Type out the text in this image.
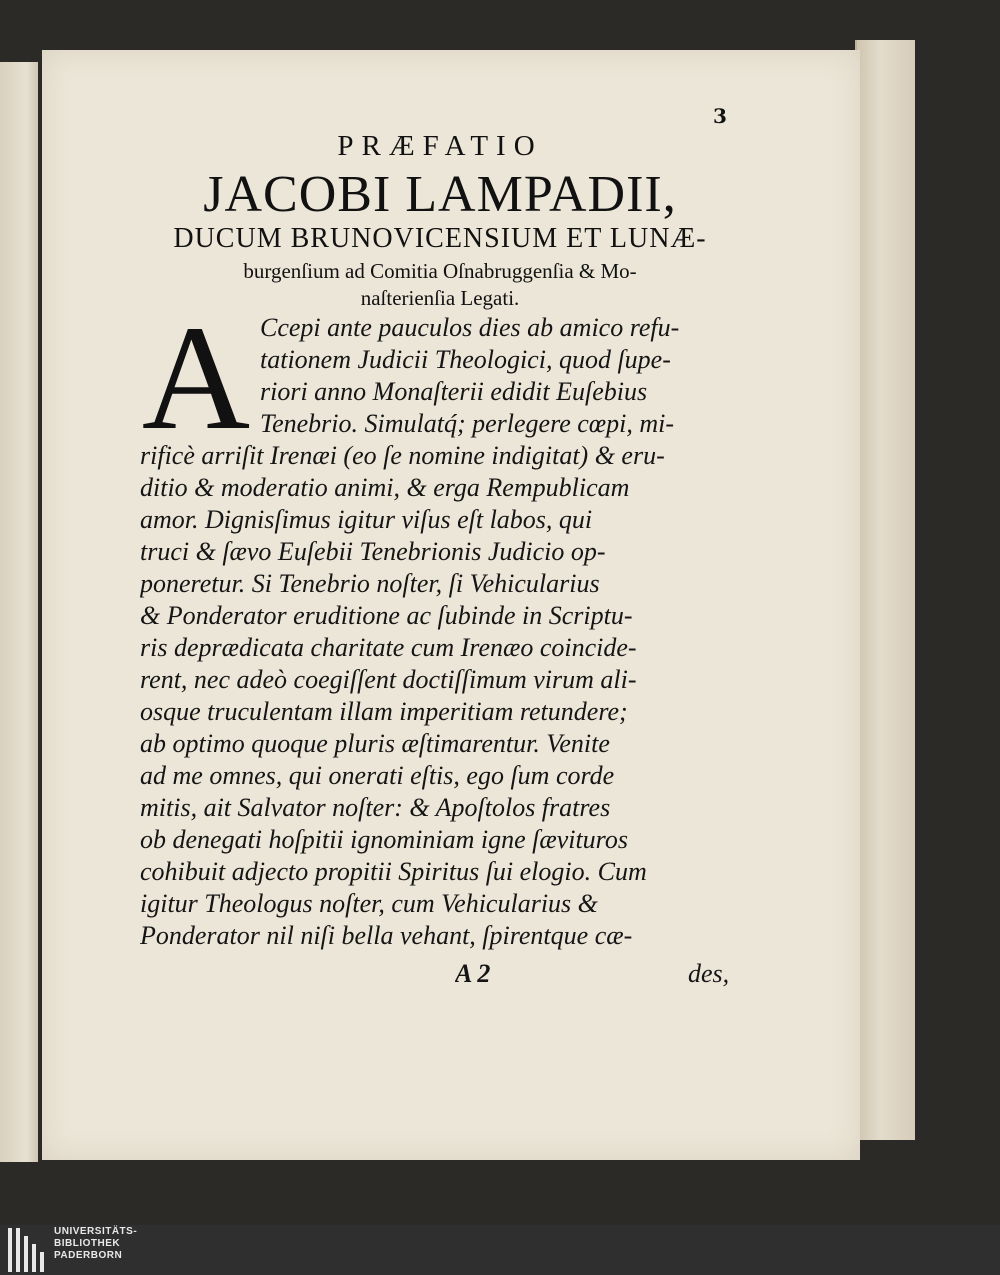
3
PRÆFATIO
JACOBI LAMPADII,
DUCUM BRUNOVICENSIUM ET LUNÆ-
burgenſium ad Comitia Oſnabruggenſia & Mo-
naſterienſia Legati.
A Ccepi ante pauculos dies ab amico refu-
tationem Judicii Theologici, quod ſupe-
riori anno Monaſterii edidit Euſebius
Tenebrio. Simulatq́; perlegere cœpi, mi-
rificè arriſit Irenæi (eo ſe nomine indigitat) & eru-
ditio & moderatio animi, & erga Rempublicam
amor. Dignisſimus igitur viſus eſt labos, qui
truci & ſævo Euſebii Tenebrionis Judicio op-
poneretur. Si Tenebrio noſter, ſi Vehicularius
& Ponderator eruditione ac ſubinde in Scriptu-
ris deprædicata charitate cum Irenæo coincide-
rent, nec adeò coegiſſent doctiſſimum virum ali-
osque truculentam illam imperitiam retundere;
ab optimo quoque pluris æſtimarentur. Venite
ad me omnes, qui onerati eſtis, ego ſum corde
mitis, ait Salvator noſter: & Apoſtolos fratres
ob denegati hoſpitii ignominiam igne ſævituros
cohibuit adjecto propitii Spiritus ſui elogio. Cum
igitur Theologus noſter, cum Vehicularius &
Ponderator nil niſi bella vehant, ſpirentque cæ-
A 2	des,
UNIVERSITÄTS-
BIBLIOTHEK
PADERBORN
